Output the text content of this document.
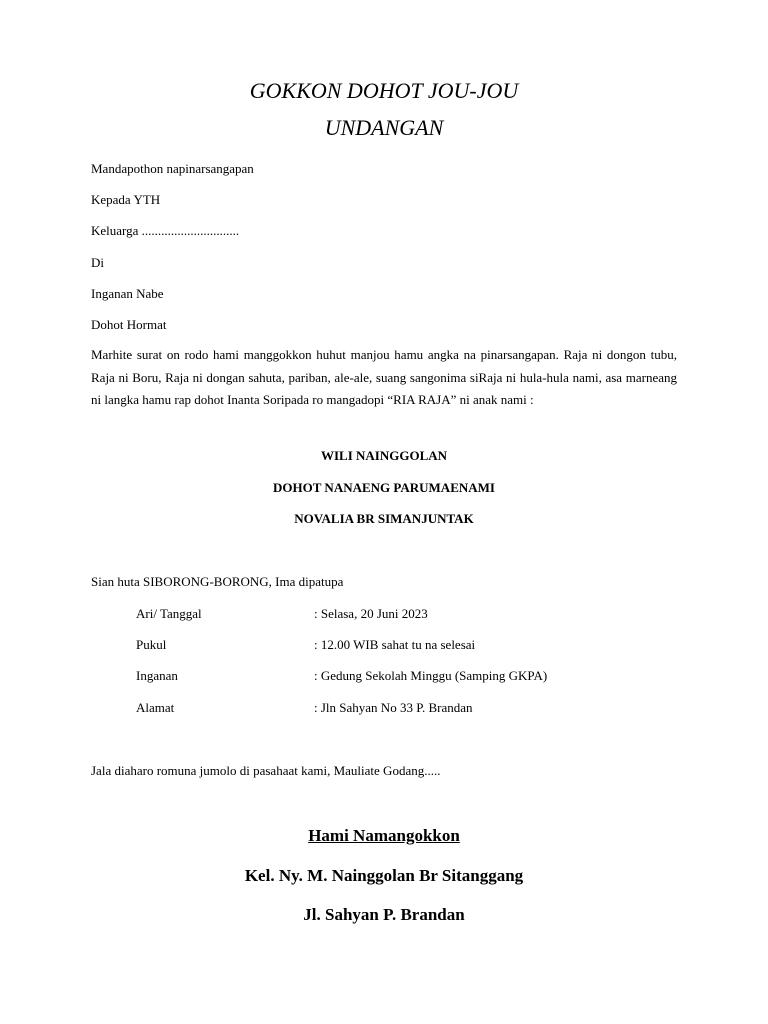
GOKKON DOHOT JOU-JOU
UNDANGAN
Mandapothon napinarsangapan
Kepada YTH
Keluarga ..............................
Di
Inganan Nabe
Dohot Hormat
Marhite surat on rodo hami manggokkon huhut manjou hamu angka na pinarsangapan. Raja ni dongon tubu, Raja ni Boru, Raja ni dongan sahuta, pariban, ale-ale, suang sangonima siRaja ni hula-hula nami, asa marneang ni langka hamu rap dohot Inanta Soripada ro mangadopi “RIA RAJA” ni anak nami :
WILI NAINGGOLAN
DOHOT NANAENG PARUMAENAMI
NOVALIA BR SIMANJUNTAK
Sian huta SIBORONG-BORONG, Ima dipatupa
Ari/ Tanggal	: Selasa, 20 Juni 2023
Pukul	: 12.00 WIB sahat tu na selesai
Inganan	: Gedung Sekolah Minggu (Samping GKPA)
Alamat	: Jln Sahyan No 33 P. Brandan
Jala diaharo romuna jumolo di pasahaat kami, Mauliate Godang.....
Hami Namangokkon
Kel. Ny. M. Nainggolan Br Sitanggang
Jl. Sahyan P. Brandan
